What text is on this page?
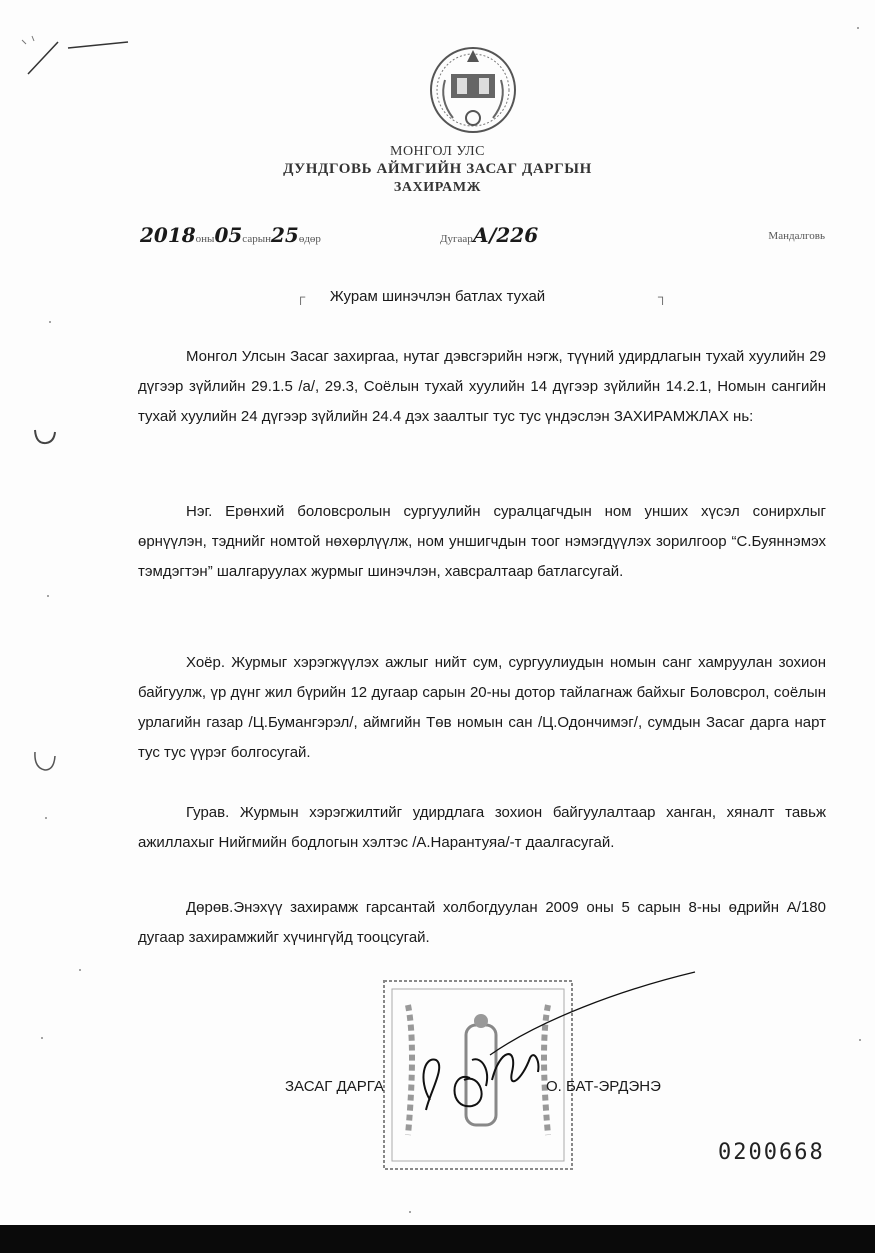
МОНГОЛ УЛС
ДУНДГОВЬ АЙМГИЙН ЗАСАГ ДАРГЫН
ЗАХИРАМЖ
2018оны05сарын25өдөр	ДугаарА/226	Мандалговь
┌	Журам шинэчлэн батлах тухай	┐

Монгол Улсын Засаг захиргаа, нутаг дэвсгэрийн нэгж, түүний удирдлагын тухай хуулийн 29 дүгээр зүйлийн 29.1.5 /а/, 29.3, Соёлын тухай хуулийн 14 дүгээр зүйлийн 14.2.1, Номын сангийн тухай хуулийн 24 дүгээр зүйлийн 24.4 дэх заалтыг тус тус үндэслэн ЗАХИРАМЖЛАХ нь:

Нэг. Ерөнхий боловсролын сургуулийн суралцагчдын ном унших хүсэл сонирхлыг өрнүүлэн, тэднийг номтой нөхөрлүүлж, ном уншигчдын тоог нэмэгдүүлэх зорилгоор “С.Буяннэмэх тэмдэгтэн” шалгаруулах журмыг шинэчлэн, хавсралтаар батлагсугай.

Хоёр. Журмыг хэрэгжүүлэх ажлыг нийт сум, сургуулиудын номын санг хамруулан зохион байгуулж, үр дүнг жил бүрийн 12 дугаар сарын 20-ны дотор тайлагнаж байхыг Боловсрол, соёлын урлагийн газар /Ц.Бумангэрэл/, аймгийн Төв номын сан /Ц.Одончимэг/, сумдын Засаг дарга нарт тус тус үүрэг болгосугай.

Гурав. Журмын хэрэгжилтийг удирдлага зохион байгуулалтаар ханган, хяналт тавьж ажиллахыг Нийгмийн бодлогын хэлтэс /А.Нарантуяа/-т даалгасугай.

Дөрөв.Энэхүү захирамж гарсантай холбогдуулан 2009 оны 5 сарын 8-ны өдрийн А/180 дугаар захирамжийг хүчингүйд тооцсугай.

ЗАСАГ ДАРГА	О. БАТ-ЭРДЭНЭ
0200668
